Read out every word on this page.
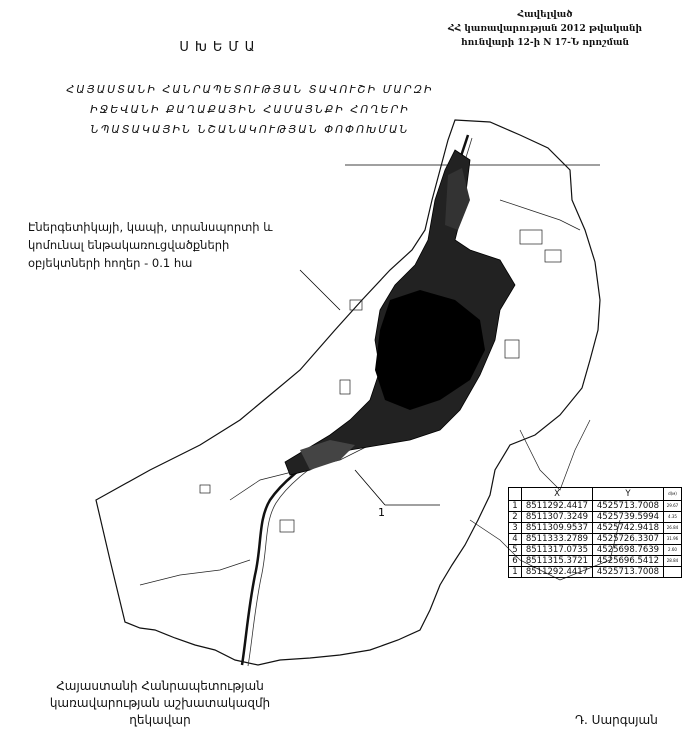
Հավելված
ՀՀ կառավարության 2012 թվականի
հունվարի 12-ի N 17-Ն որոշման
ՍԽԵՄԱ
ՀԱՅԱՍՏԱՆԻ ՀԱՆՐԱՊԵՏՈՒԹՅԱՆ ՏԱՎՈՒՇԻ ՄԱՐԶԻ
ԻՋԵՎԱՆԻ ՔԱՂԱՔԱՅԻՆ ՀԱՄԱՅՆՔԻ ՀՈՂԵՐԻ
ՆՊԱՏԱԿԱՅԻՆ ՆՇԱՆԱԿՈՒԹՅԱՆ ՓՈՓՈԽՄԱՆ
Էներգետիկայի, կապի, տրանսպորտի և
կոմունալ ենթակառուցվածքների
օբյեկտների հողեր - 0.1 հա
1
	X	Y	d(м)
1	8511292.4417	4525713.7008	29.67
2	8511307.3249	4525739.5994	4.35
3	8511309.9537	4525742.9418	26.84
4	8511333.2789	4525726.3307	31.96
5	8511317.0735	4525698.7639	2.60
6	8511315.3721	4525696.5412	28.84
1	8511292.4417	4525713.7008	
Հայաստանի Հանրապետության
կառավարության աշխատակազմի
ղեկավար	Դ. Սարգսյան
